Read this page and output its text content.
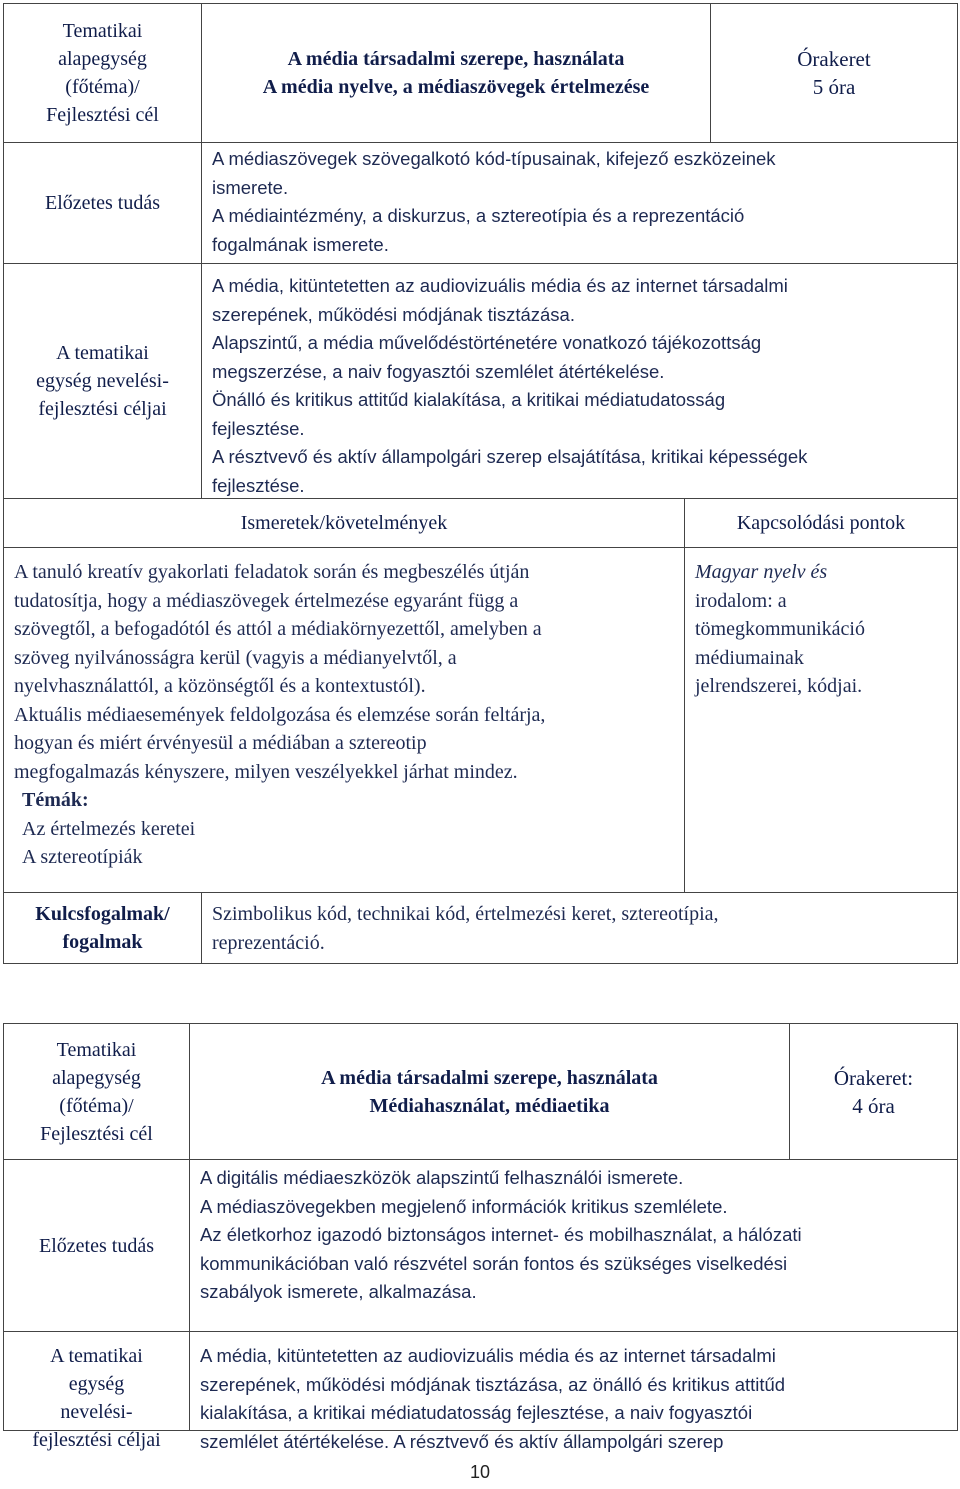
Tematikai
alapegység
(főtéma)/
Fejlesztési cél
A média társadalmi szerepe, használata
A média nyelve, a médiaszövegek értelmezése
Órakeret
5 óra
Előzetes tudás

A médiaszövegek szövegalkotó kód-típusainak, kifejező eszközeinek

ismerete.

A médiaintézmény, a diskurzus, a sztereotípia és a reprezentáció

fogalmának ismerete.

A tematikai
egység nevelési-
fejlesztési céljai

A média, kitüntetetten az audiovizuális média és az internet társadalmi

szerepének, működési módjának tisztázása.

Alapszintű, a média művelődéstörténetére vonatkozó tájékozottság

megszerzése, a naiv fogyasztói szemlélet átértékelése.

Önálló és kritikus attitűd kialakítása, a kritikai médiatudatosság

fejlesztése.

A résztvevő és aktív állampolgári szerep elsajátítása, kritikai képességek

fejlesztése.

Ismeretek/követelmények	Kapcsolódási pontok

A tanuló kreatív gyakorlati feladatok során és megbeszélés útján

tudatosítja, hogy a médiaszövegek értelmezése egyaránt függ a

szövegtől, a befogadótól és attól a médiakörnyezettől, amelyben a

szöveg nyilvánosságra kerül (vagyis a médianyelvtől, a

nyelvhasználattól, a közönségtől és a kontextustól).

Aktuális médiaesemények feldolgozása és elemzése során feltárja,

hogyan és miért érvényesül a médiában a sztereotip

megfogalmazás kényszere, milyen veszélyekkel járhat mindez.

Témák:

Az értelmezés keretei

A sztereotípiák

Magyar nyelv és

irodalom: a

tömegkommunikáció

médiumainak

jelrendszerei, kódjai.

Kulcsfogalmak/
fogalmak

Szimbolikus kód, technikai kód, értelmezési keret, sztereotípia,

reprezentáció.

Tematikai
alapegység
(főtéma)/
Fejlesztési cél
A média társadalmi szerepe, használata
Médiahasználat, médiaetika
Órakeret:
4 óra
Előzetes tudás

A digitális médiaeszközök alapszintű felhasználói ismerete.

A médiaszövegekben megjelenő információk kritikus szemlélete.

Az életkorhoz igazodó biztonságos internet- és mobilhasználat, a hálózati

kommunikációban való részvétel során fontos és szükséges viselkedési

szabályok ismerete, alkalmazása.

A tematikai
egység
nevelési-
fejlesztési céljai

A média, kitüntetetten az audiovizuális média és az internet társadalmi

szerepének, működési módjának tisztázása, az önálló és kritikus attitűd

kialakítása, a kritikai médiatudatosság fejlesztése, a naiv fogyasztói

szemlélet átértékelése. A résztvevő és aktív állampolgári szerep

10
